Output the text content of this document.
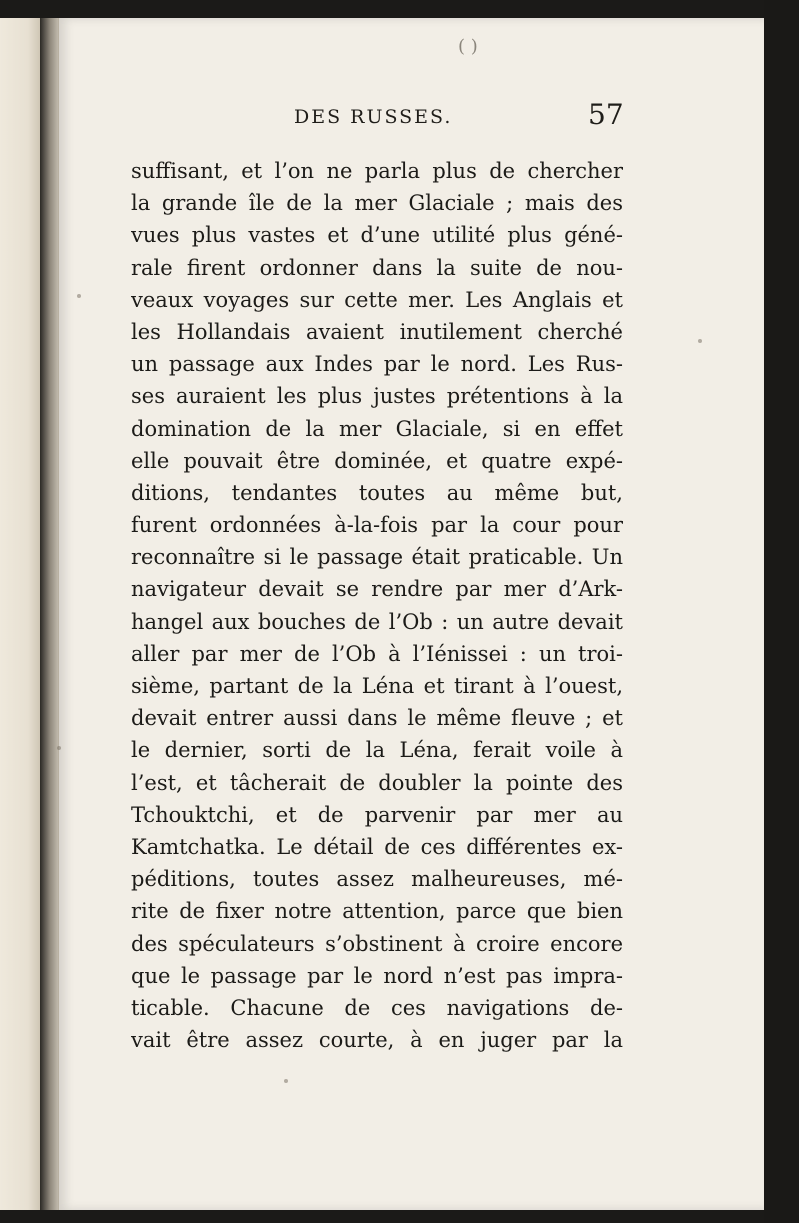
( )
DES RUSSES.	57
suffisant, et l’on ne parla plus de chercher
la grande île de la mer Glaciale ; mais des
vues plus vastes et d’une utilité plus géné-
rale firent ordonner dans la suite de nou-
veaux voyages sur cette mer. Les Anglais et
les Hollandais avaient inutilement cherché
un passage aux Indes par le nord. Les Rus-
ses auraient les plus justes prétentions à la
domination de la mer Glaciale, si en effet
elle pouvait être dominée, et quatre expé-
ditions, tendantes toutes au même but,
furent ordonnées à-la-fois par la cour pour
reconnaître si le passage était praticable. Un
navigateur devait se rendre par mer d’Ark-
hangel aux bouches de l’Ob : un autre devait
aller par mer de l’Ob à l’Iénissei : un troi-
sième, partant de la Léna et tirant à l’ouest,
devait entrer aussi dans le même fleuve ; et
le dernier, sorti de la Léna, ferait voile à
l’est, et tâcherait de doubler la pointe des
Tchouktchi, et de parvenir par mer au
Kamtchatka. Le détail de ces différentes ex-
péditions, toutes assez malheureuses, mé-
rite de fixer notre attention, parce que bien
des spéculateurs s’obstinent à croire encore
que le passage par le nord n’est pas impra-
ticable. Chacune de ces navigations de-
vait être assez courte, à en juger par la
